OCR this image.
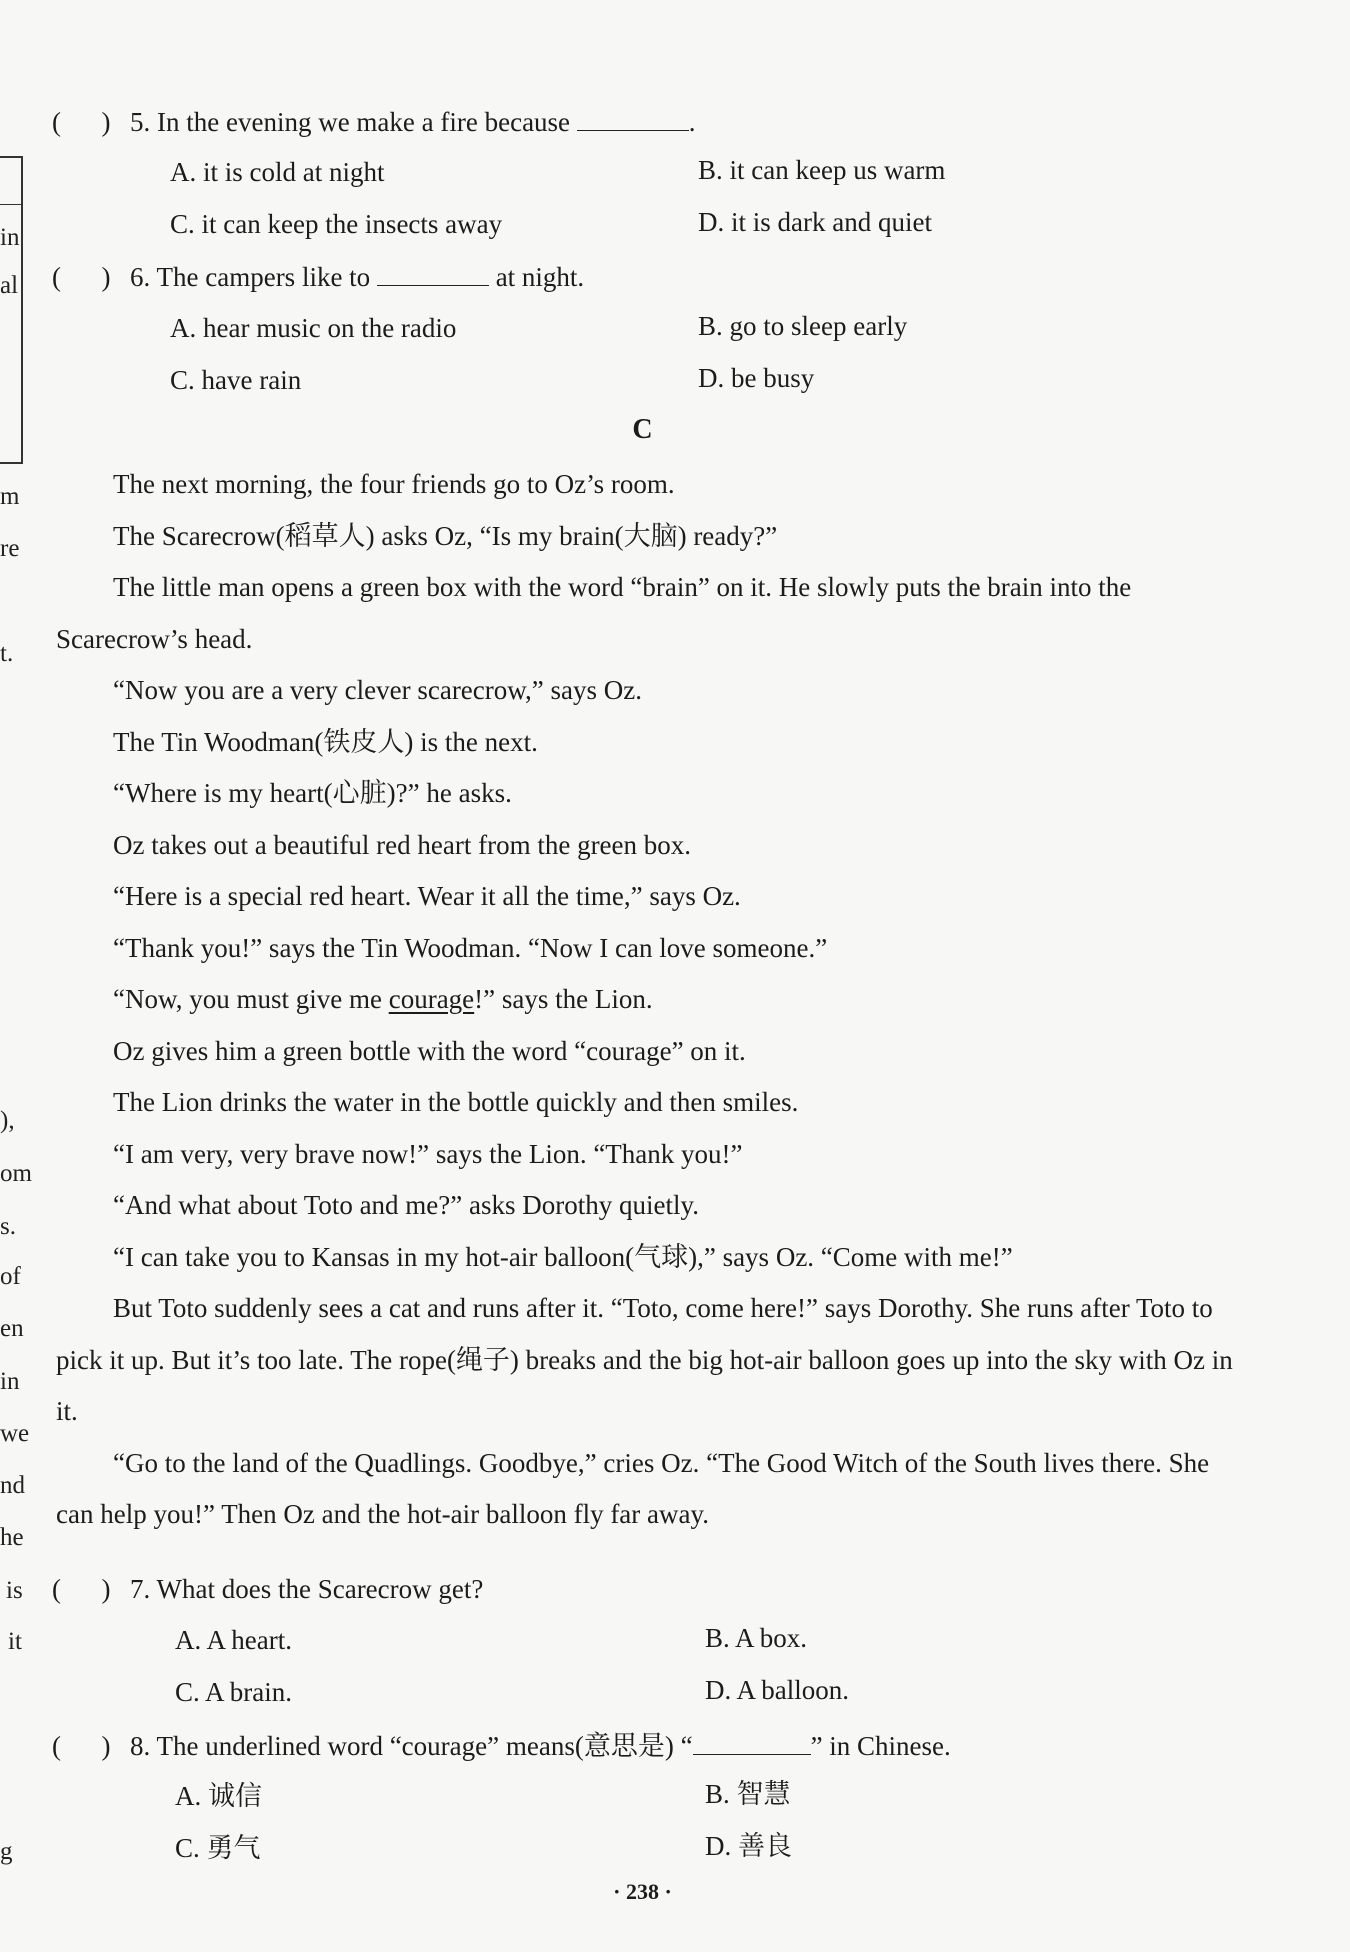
in
al
m
re
t.
),
om
s.
of
en
in
we
nd
he
is
it
g
(      ) 5. In the evening we make a fire because	.
A. it is cold at night	B. it can keep us warm
C. it can keep the insects away	D. it is dark and quiet
(      ) 6. The campers like to	at night.
A. hear music on the radio	B. go to sleep early
C. have rain	D. be busy
C

The next morning, the four friends go to Oz’s room.

The Scarecrow(稻草人) asks Oz, “Is my brain(大脑) ready?”

The little man opens a green box with the word “brain” on it. He slowly puts the brain into the Scarecrow’s head.

“Now you are a very clever scarecrow,” says Oz.

The Tin Woodman(铁皮人) is the next.

“Where is my heart(心脏)?” he asks.

Oz takes out a beautiful red heart from the green box.

“Here is a special red heart. Wear it all the time,” says Oz.

“Thank you!” says the Tin Woodman. “Now I can love someone.”

“Now, you must give me courage!” says the Lion.

Oz gives him a green bottle with the word “courage” on it.

The Lion drinks the water in the bottle quickly and then smiles.

“I am very, very brave now!” says the Lion. “Thank you!”

“And what about Toto and me?” asks Dorothy quietly.

“I can take you to Kansas in my hot-air balloon(气球),” says Oz. “Come with me!”

But Toto suddenly sees a cat and runs after it. “Toto, come here!” says Dorothy. She runs after Toto to pick it up. But it’s too late. The rope(绳子) breaks and the big hot-air balloon goes up into the sky with Oz in it.

“Go to the land of the Quadlings. Goodbye,” cries Oz. “The Good Witch of the South lives there. She can help you!” Then Oz and the hot-air balloon fly far away.

(      ) 7. What does the Scarecrow get?
A. A heart.	B. A box.
C. A brain.	D. A balloon.
(      ) 8. The underlined word “courage” means(意思是) “	” in Chinese.
A. 诚信	B. 智慧
C. 勇气	D. 善良
· 238 ·
